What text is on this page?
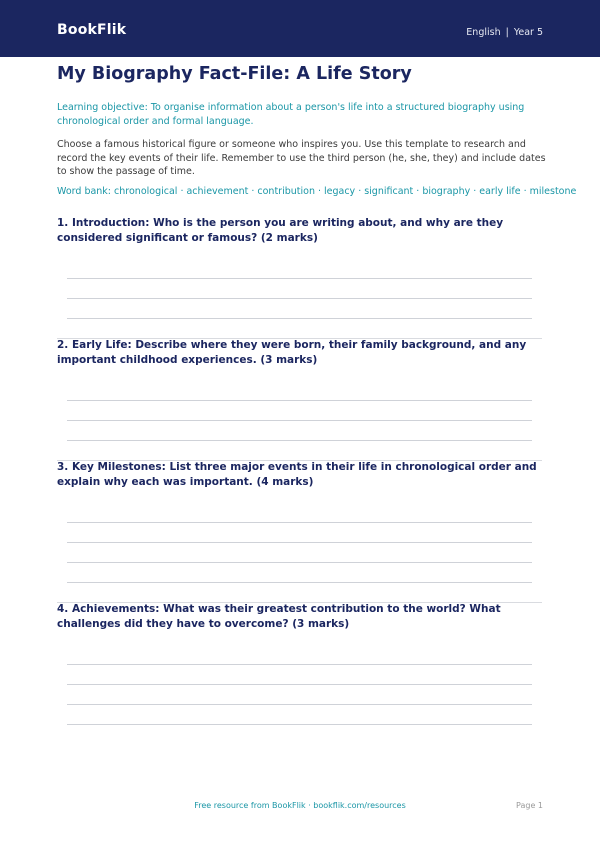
BookFlik	English | Year 5
My Biography Fact-File: A Life Story
Learning objective: To organise information about a person's life into a structured biography using chronological order and formal language.
Choose a famous historical figure or someone who inspires you. Use this template to research and record the key events of their life. Remember to use the third person (he, she, they) and include dates to show the passage of time.
Word bank: chronological · achievement · contribution · legacy · significant · biography · early life · milestone
1. Introduction: Who is the person you are writing about, and why are they considered significant or famous? (2 marks)
2. Early Life: Describe where they were born, their family background, and any important childhood experiences. (3 marks)
3. Key Milestones: List three major events in their life in chronological order and explain why each was important. (4 marks)
4. Achievements: What was their greatest contribution to the world? What challenges did they have to overcome? (3 marks)
Free resource from BookFlik · bookflik.com/resources	Page 1
